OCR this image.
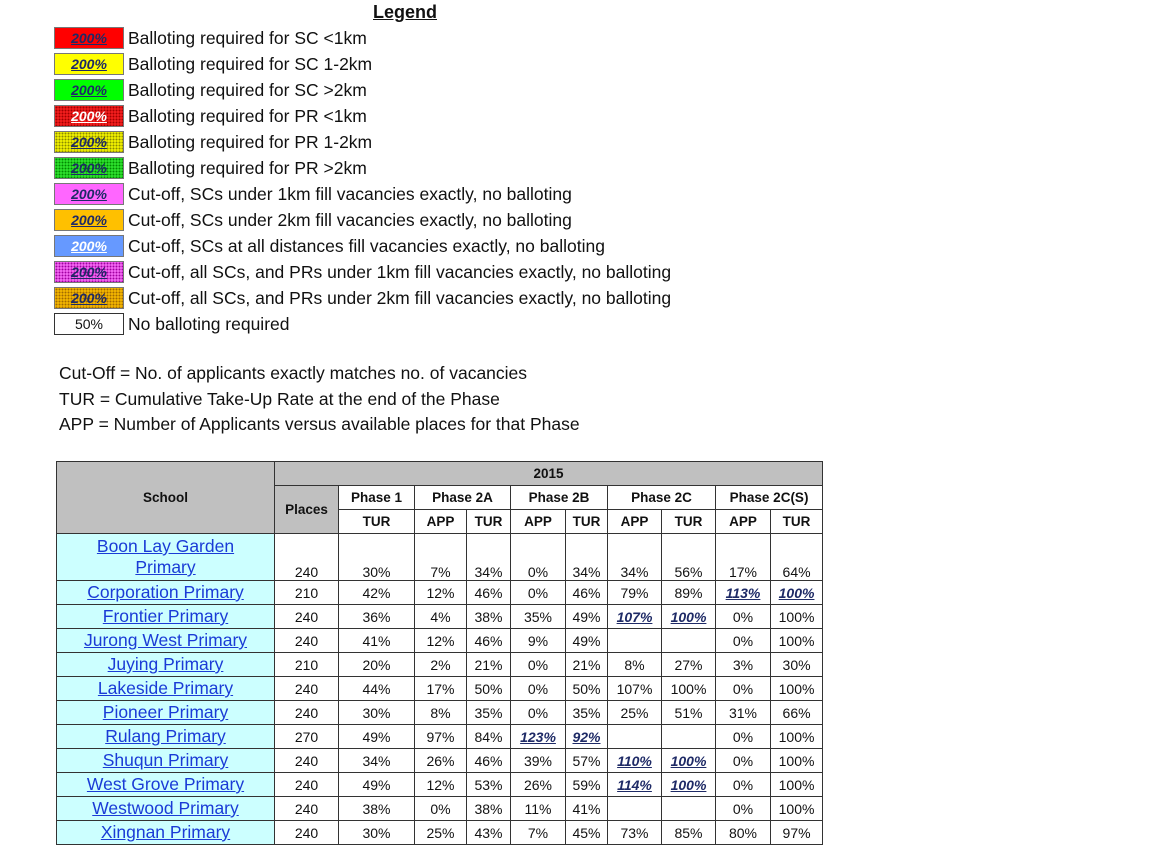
Legend
200%	Balloting required for SC <1km
200%	Balloting required for SC 1-2km
200%	Balloting required for SC >2km
200%	Balloting required for PR <1km
200%	Balloting required for PR 1-2km
200%	Balloting required for PR >2km
200%	Cut-off, SCs under 1km fill vacancies exactly, no balloting
200%	Cut-off, SCs under 2km fill vacancies exactly, no balloting
200%	Cut-off, SCs at all distances fill vacancies exactly, no balloting
200%	Cut-off, all SCs, and PRs under 1km fill vacancies exactly, no balloting
200%	Cut-off, all SCs, and PRs under 2km fill vacancies exactly, no balloting
50%	No balloting required
Cut-Off = No. of applicants exactly matches no. of vacancies
TUR = Cumulative Take-Up Rate at the end of the Phase
APP = Number of Applicants versus available places for that Phase
School	2015									
	Places	Phase 1	Phase 2A		Phase 2B		Phase 2C		Phase 2C(S)	
		TUR	APP	TUR	APP	TUR	APP	TUR	APP	TUR
Boon Lay Garden
Primary	240	30%	7%	34%	0%	34%	34%	56%	17%	64%
Corporation Primary	210	42%	12%	46%	0%	46%	79%	89%	113%	100%
Frontier Primary	240	36%	4%	38%	35%	49%	107%	100%	0%	100%
Jurong West Primary	240	41%	12%	46%	9%	49%	118%	100%	0%	100%
Juying Primary	210	20%	2%	21%	0%	21%	8%	27%	3%	30%
Lakeside Primary	240	44%	17%	50%	0%	50%	107%	100%	0%	100%
Pioneer Primary	240	30%	8%	35%	0%	35%	25%	51%	31%	66%
Rulang Primary	270	49%	97%	84%	123%	92%	257%	100%	0%	100%
Shuqun Primary	240	34%	26%	46%	39%	57%	110%	100%	0%	100%
West Grove Primary	240	49%	12%	53%	26%	59%	114%	100%	0%	100%
Westwood Primary	240	38%	0%	38%	11%	41%	120%	100%	0%	100%
Xingnan Primary	240	30%	25%	43%	7%	45%	73%	85%	80%	97%
